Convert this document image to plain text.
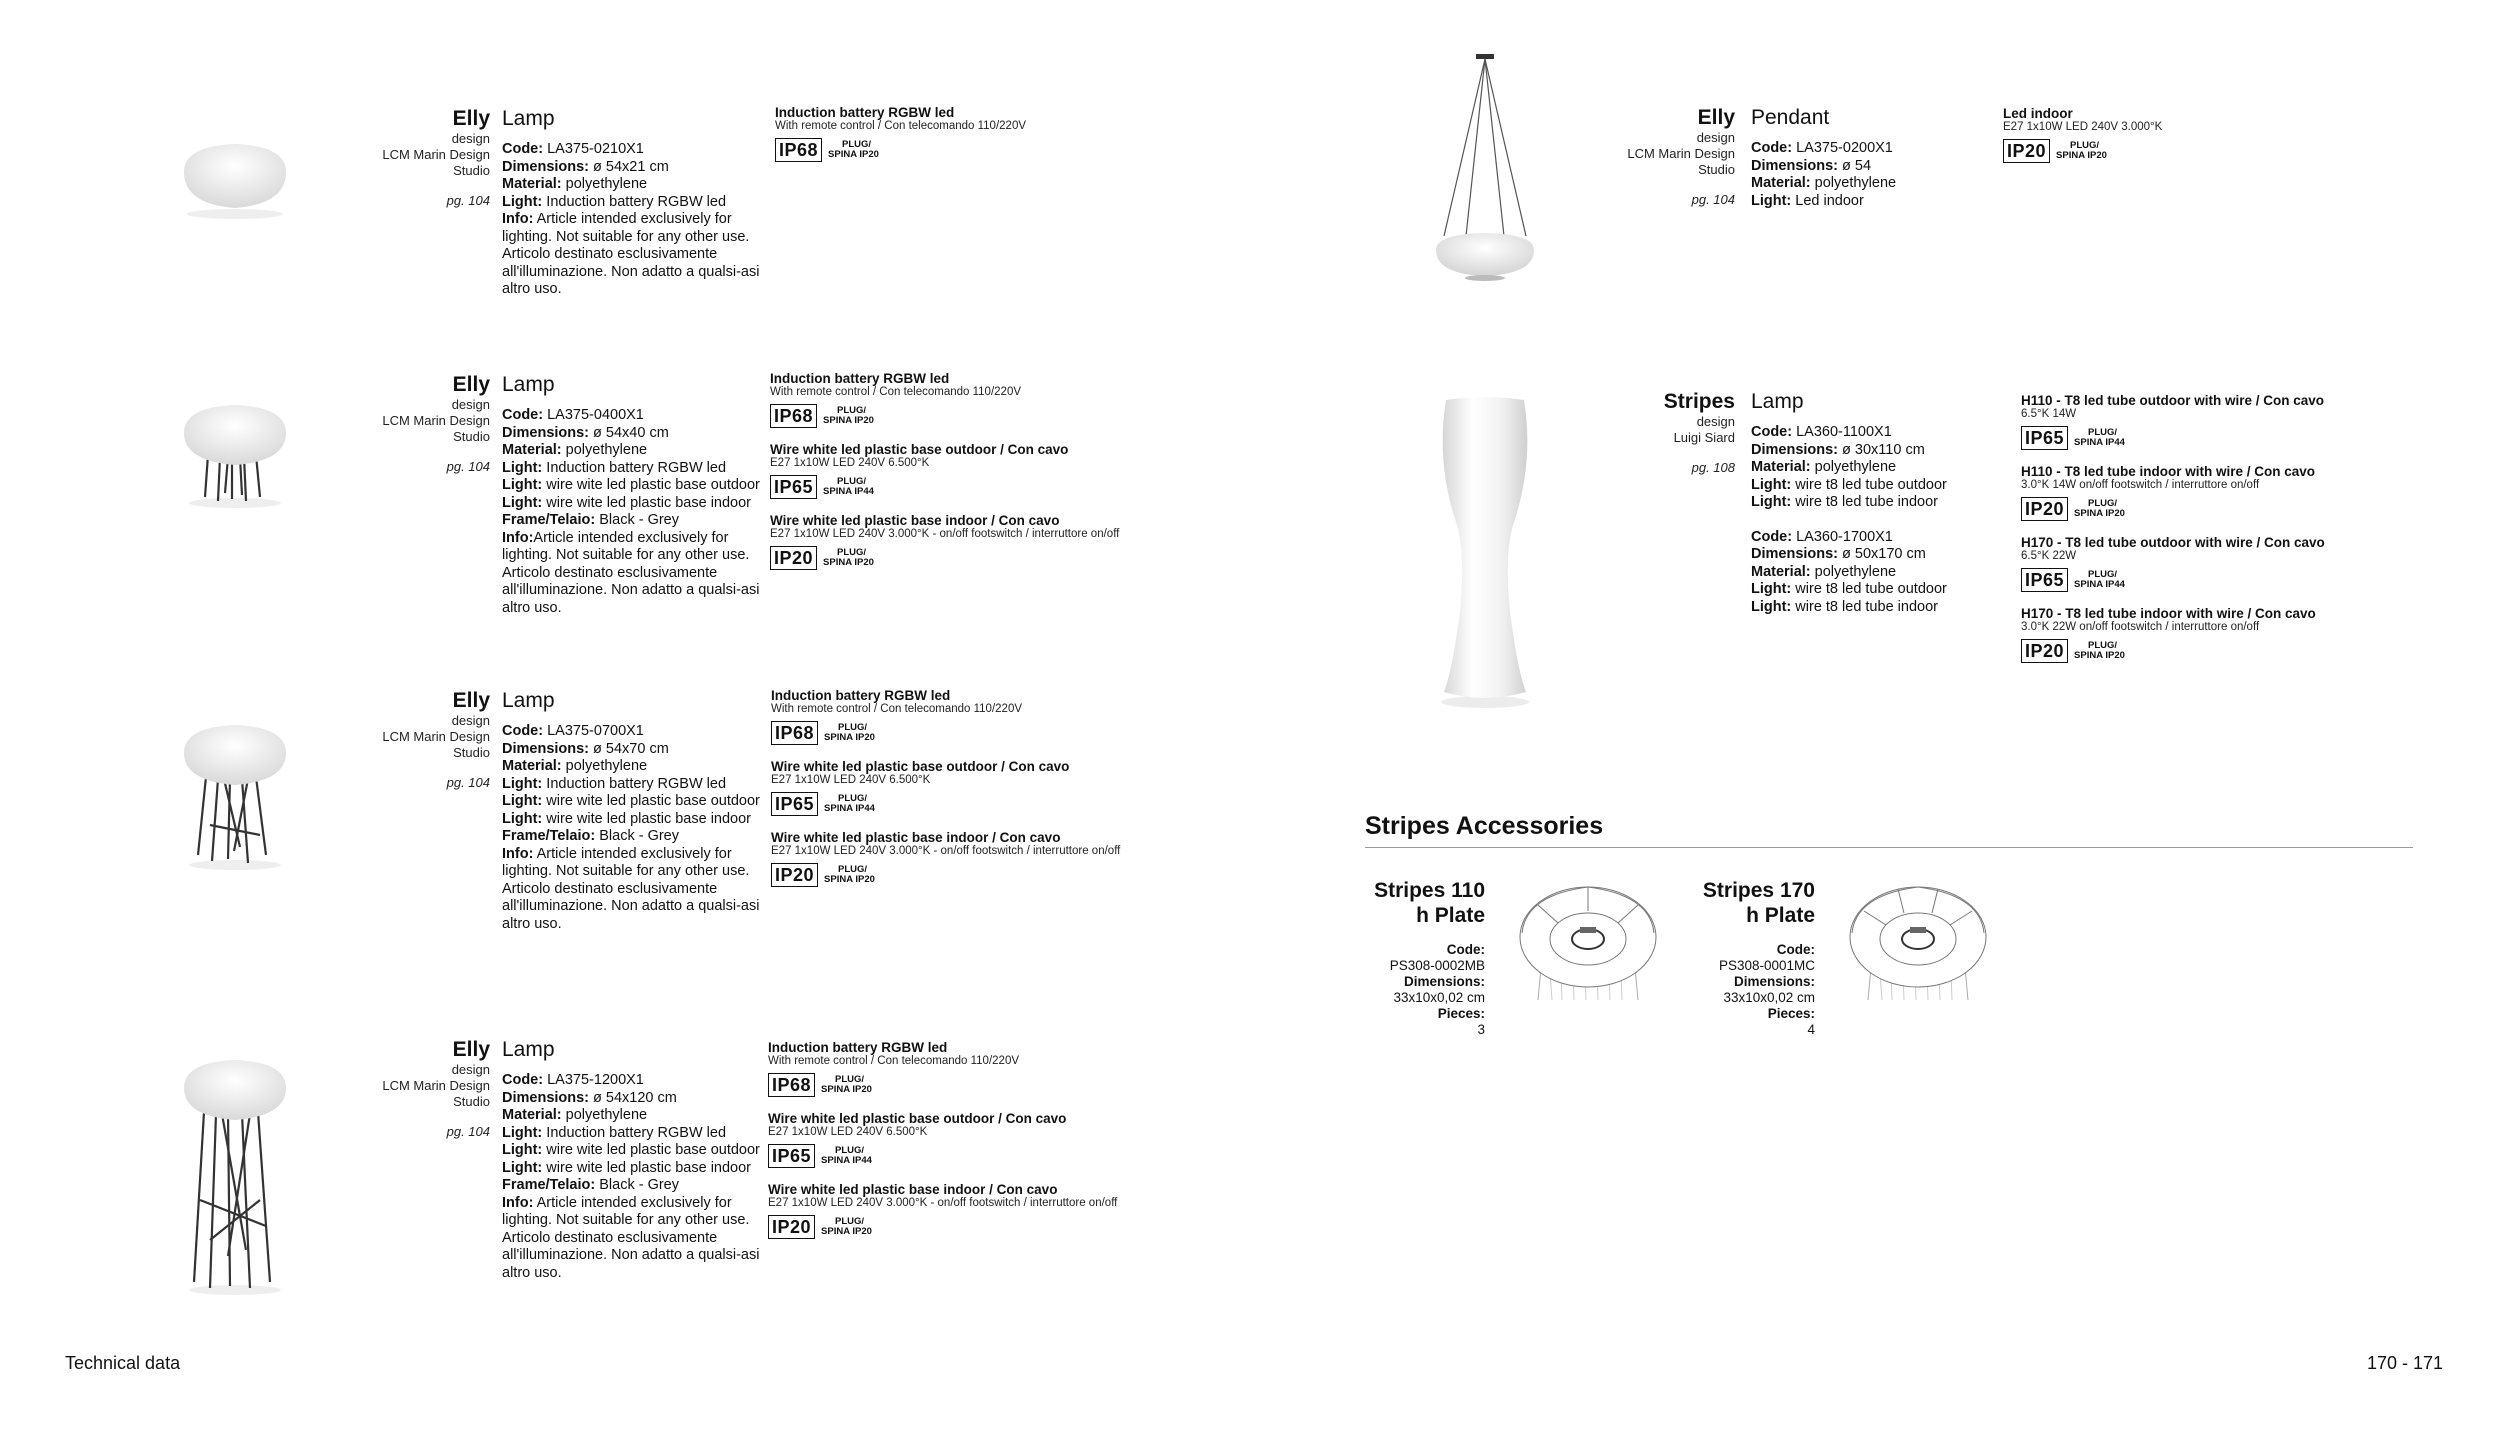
Elly
design
LCM Marin Design Studio
pg. 104
Lamp
Code: LA375-0210X1
Dimensions: ø 54x21 cm
Material: polyethylene
Light: Induction battery RGBW led
Info: Article intended exclusively for lighting. Not suitable for any other use. Articolo destinato esclusivamente all'illuminazione. Non adatto a qualsi-asi altro uso.
Induction battery RGBW led
With remote control / Con telecomando 110/220V
IP68	PLUG/
SPINA IP20
Elly
design
LCM Marin Design Studio
pg. 104
Lamp
Code: LA375-0400X1
Dimensions: ø 54x40 cm
Material: polyethylene
Light: Induction battery RGBW led
Light: wire wite led plastic base outdoor
Light: wire wite led plastic base indoor
Frame/Telaio: Black - Grey
Info:Article intended exclusively for lighting. Not suitable for any other use. Articolo destinato esclusivamente all'illuminazione. Non adatto a qualsi-asi altro uso.
Induction battery RGBW led
With remote control / Con telecomando 110/220V
IP68	PLUG/
SPINA IP20
Wire white led plastic base outdoor / Con cavo
E27 1x10W LED 240V 6.500°K
IP65	PLUG/
SPINA IP44
Wire white led plastic base indoor / Con cavo
E27 1x10W LED 240V 3.000°K - on/off footswitch / interruttore on/off
IP20	PLUG/
SPINA IP20
Elly
design
LCM Marin Design Studio
pg. 104
Lamp
Code: LA375-0700X1
Dimensions: ø 54x70 cm
Material: polyethylene
Light: Induction battery RGBW led
Light: wire wite led plastic base outdoor
Light: wire wite led plastic base indoor
Frame/Telaio: Black - Grey
Info: Article intended exclusively for lighting. Not suitable for any other use. Articolo destinato esclusivamente all'illuminazione. Non adatto a qualsi-asi altro uso.
Induction battery RGBW led
With remote control / Con telecomando 110/220V
IP68	PLUG/
SPINA IP20
Wire white led plastic base outdoor / Con cavo
E27 1x10W LED 240V 6.500°K
IP65	PLUG/
SPINA IP44
Wire white led plastic base indoor / Con cavo
E27 1x10W LED 240V 3.000°K - on/off footswitch / interruttore on/off
IP20	PLUG/
SPINA IP20
Elly
design
LCM Marin Design Studio
pg. 104
Lamp
Code: LA375-1200X1
Dimensions: ø 54x120 cm
Material: polyethylene
Light: Induction battery RGBW led
Light: wire wite led plastic base outdoor
Light: wire wite led plastic base indoor
Frame/Telaio: Black - Grey
Info: Article intended exclusively for lighting. Not suitable for any other use. Articolo destinato esclusivamente all'illuminazione. Non adatto a qualsi-asi altro uso.
Induction battery RGBW led
With remote control / Con telecomando 110/220V
IP68	PLUG/
SPINA IP20
Wire white led plastic base outdoor / Con cavo
E27 1x10W LED 240V 6.500°K
IP65	PLUG/
SPINA IP44
Wire white led plastic base indoor / Con cavo
E27 1x10W LED 240V 3.000°K - on/off footswitch / interruttore on/off
IP20	PLUG/
SPINA IP20
Elly
design
LCM Marin Design Studio
pg. 104
Pendant
Code: LA375-0200X1
Dimensions: ø 54
Material: polyethylene
Light: Led indoor
Led indoor
E27 1x10W LED 240V 3.000°K
IP20	PLUG/
SPINA IP20
Stripes
design
Luigi Siard
pg. 108
Lamp
Code: LA360-1100X1
Dimensions: ø 30x110 cm
Material: polyethylene
Light: wire t8 led tube outdoor
Light: wire t8 led tube indoor
Code: LA360-1700X1
Dimensions: ø 50x170 cm
Material: polyethylene
Light: wire t8 led tube outdoor
Light: wire t8 led tube indoor
H110 - T8 led tube outdoor with wire / Con cavo
6.5°K 14W
IP65	PLUG/
SPINA IP44
H110 - T8 led tube indoor with wire / Con cavo
3.0°K 14W on/off footswitch / interruttore on/off
IP20	PLUG/
SPINA IP20
H170 - T8 led tube outdoor with wire / Con cavo
6.5°K 22W
IP65	PLUG/
SPINA IP44
H170 - T8 led tube indoor with wire / Con cavo
3.0°K 22W on/off footswitch / interruttore on/off
IP20	PLUG/
SPINA IP20
Stripes Accessories
Stripes 110 h Plate
Code:
PS308-0002MB
Dimensions:
33x10x0,02 cm
Pieces:
3
Stripes 170 h Plate
Code:
PS308-0001MC
Dimensions:
33x10x0,02 cm
Pieces:
4
Technical data	170 - 171
